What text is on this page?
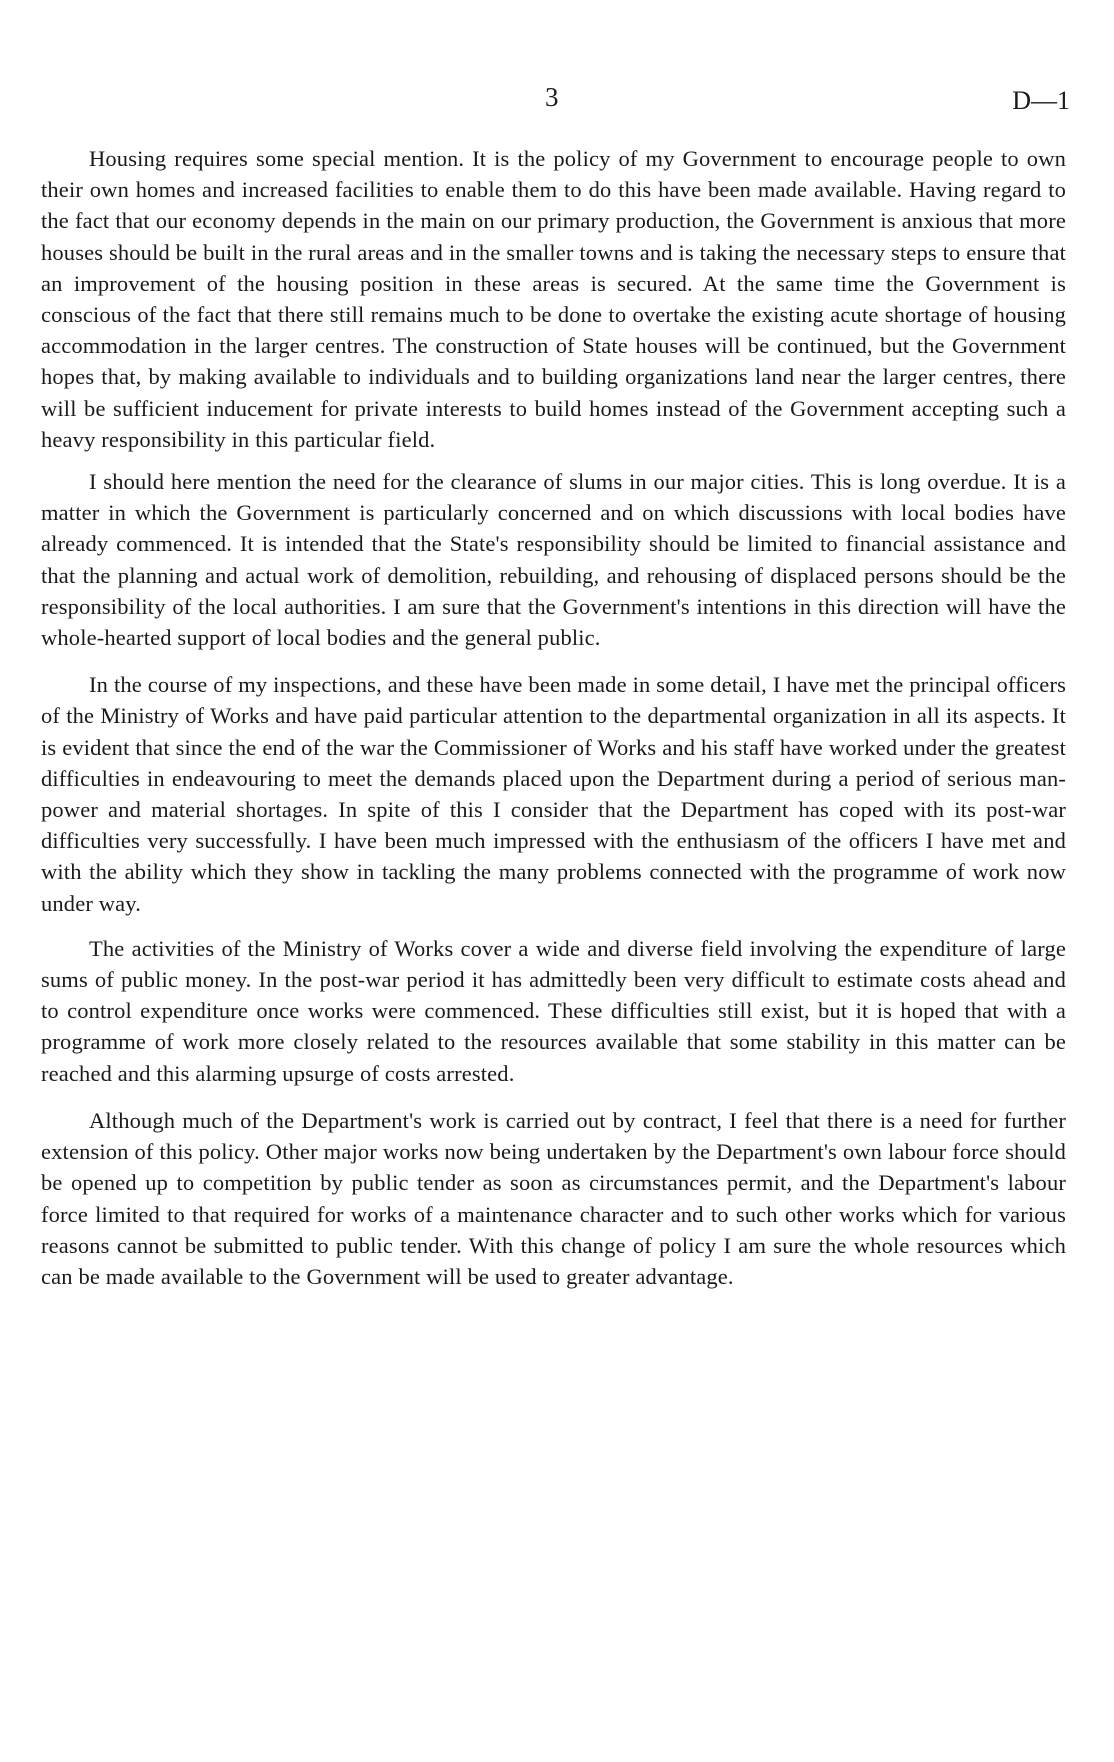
3	D—1

Housing requires some special mention. It is the policy of my Government to encourage people to own their own homes and increased facilities to enable them to do this have been made available. Having regard to the fact that our economy depends in the main on our primary production, the Government is anxious that more houses should be built in the rural areas and in the smaller towns and is taking the necessary steps to ensure that an improvement of the housing position in these areas is secured. At the same time the Government is conscious of the fact that there still remains much to be done to overtake the existing acute shortage of housing accommodation in the larger centres. The construction of State houses will be continued, but the Government hopes that, by making available to individuals and to building organizations land near the larger centres, there will be sufficient inducement for private interests to build homes instead of the Government accepting such a heavy responsibility in this particular field.

I should here mention the need for the clearance of slums in our major cities. This is long overdue. It is a matter in which the Government is particularly concerned and on which discussions with local bodies have already commenced. It is intended that the State's responsibility should be limited to financial assistance and that the planning and actual work of demolition, rebuilding, and rehousing of displaced persons should be the responsibility of the local authorities. I am sure that the Government's intentions in this direction will have the whole-hearted support of local bodies and the general public.

In the course of my inspections, and these have been made in some detail, I have met the principal officers of the Ministry of Works and have paid particular attention to the departmental organization in all its aspects. It is evident that since the end of the war the Commissioner of Works and his staff have worked under the greatest difficulties in endeavouring to meet the demands placed upon the Department during a period of serious man-power and material shortages. In spite of this I consider that the Department has coped with its post-war difficulties very successfully. I have been much impressed with the enthusiasm of the officers I have met and with the ability which they show in tackling the many problems connected with the programme of work now under way.

The activities of the Ministry of Works cover a wide and diverse field involving the expenditure of large sums of public money. In the post-war period it has admittedly been very difficult to estimate costs ahead and to control expenditure once works were commenced. These difficulties still exist, but it is hoped that with a programme of work more closely related to the resources available that some stability in this matter can be reached and this alarming upsurge of costs arrested.

Although much of the Department's work is carried out by contract, I feel that there is a need for further extension of this policy. Other major works now being undertaken by the Department's own labour force should be opened up to competition by public tender as soon as circumstances permit, and the Department's labour force limited to that required for works of a maintenance character and to such other works which for various reasons cannot be submitted to public tender. With this change of policy I am sure the whole resources which can be made available to the Government will be used to greater advantage.
